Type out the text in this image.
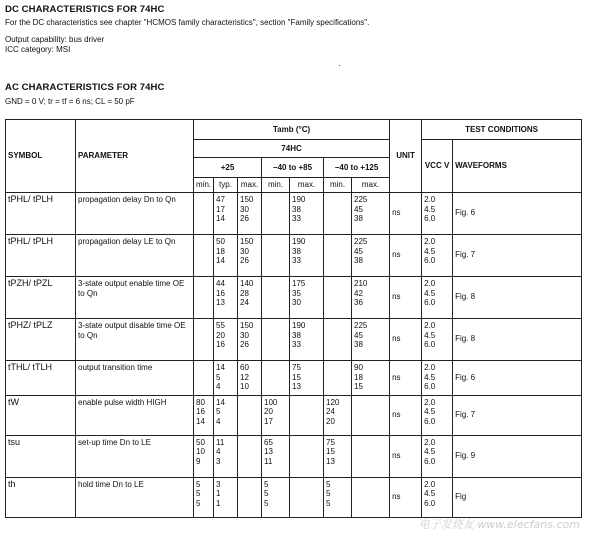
DC CHARACTERISTICS FOR 74HC
For the DC characteristics see chapter "HCMOS family characteristics", section "Family specifications".
Output capability: bus driver
ICC category: MSI
.
AC CHARACTERISTICS FOR 74HC
GND = 0 V; tr = tf = 6 ns; CL = 50 pF
SYMBOL	PARAMETER	Tamb (°C)							UNIT	TEST CONDITIONS	
		74HC								VCC V	WAVEFORMS
		+25			−40 to +85		−40 to +125				
		min.	typ.	max.	min.	max.	min.	max.			
tPHL/ tPLH	propagation delay Dn to Qn		47
17
14	150
30
26		190
38
33		225
45
38	ns	2.0
4.5
6.0	Fig. 6
tPHL/ tPLH	propagation delay LE to Qn		50
18
14	150
30
26		190
38
33		225
45
38	ns	2.0
4.5
6.0	Fig. 7
tPZH/ tPZL	3-state output enable time OE to Qn		44
16
13	140
28
24		175
35
30		210
42
36	ns	2.0
4.5
6.0	Fig. 8
tPHZ/ tPLZ	3-state output disable time OE to Qn		55
20
16	150
30
26		190
38
33		225
45
38	ns	2.0
4.5
6.0	Fig. 8
tTHL/ tTLH	output transition time		14
5
4	60
12
10		75
15
13		90
18
15	ns	2.0
4.5
6.0	Fig. 6
tW	enable pulse width HIGH	80
16
14	14
5
4		100
20
17		120
24
20		ns	2.0
4.5
6.0	Fig. 7
tsu	set-up time Dn to LE	50
10
9	11
4
3		65
13
11		75
15
13		ns	2.0
4.5
6.0	Fig. 9
th	hold time Dn to LE	5
5
5	3
1
1		5
5
5		5
5
5		ns	2.0
4.5
6.0	Fig
电子发烧友 www.elecfans.com
